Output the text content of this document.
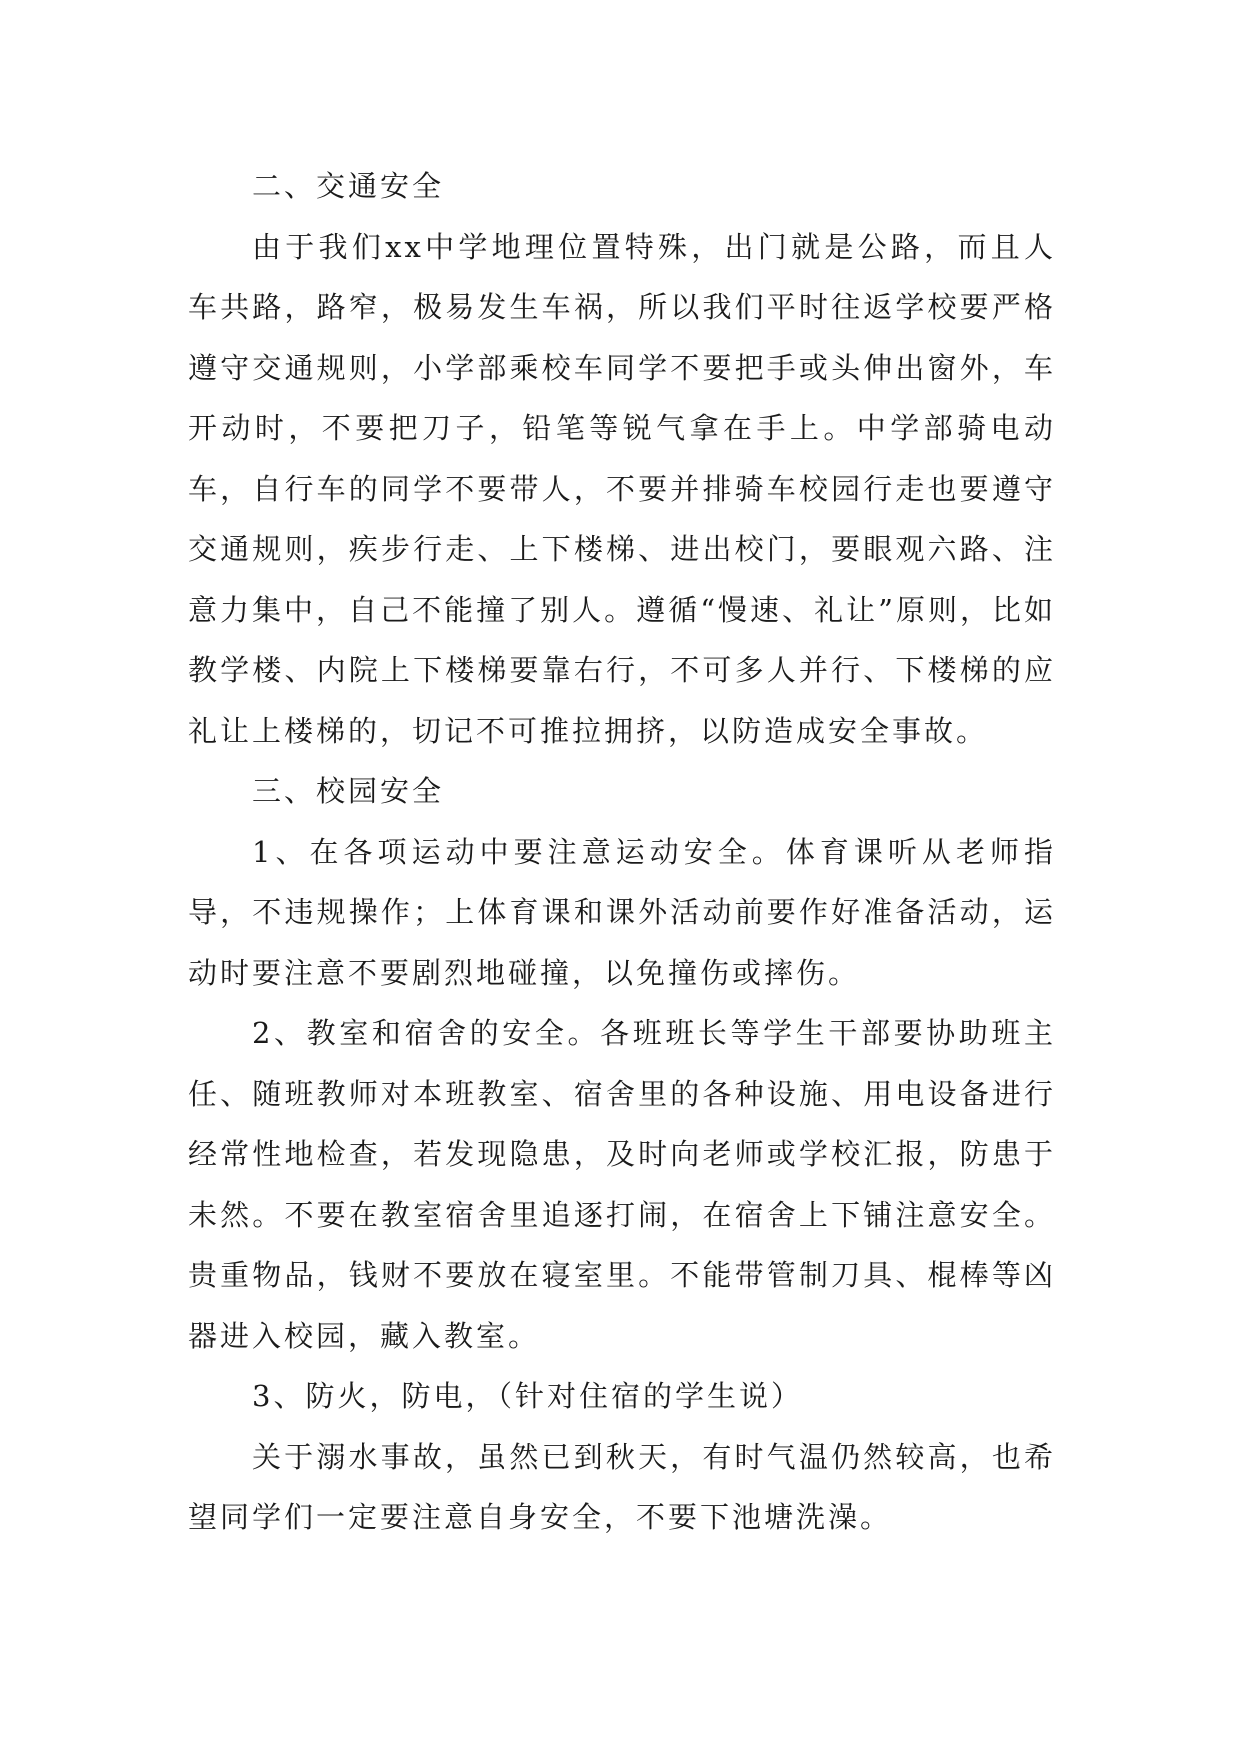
二、交通安全

由于我们xx中学地理位置特殊，出门就是公路，而且人车共路，路窄，极易发生车祸，所以我们平时往返学校要严格遵守交通规则，小学部乘校车同学不要把手或头伸出窗外，车开动时，不要把刀子，铅笔等锐气拿在手上。中学部骑电动车，自行车的同学不要带人，不要并排骑车校园行走也要遵守交通规则，疾步行走、上下楼梯、进出校门，要眼观六路、注意力集中，自己不能撞了别人。遵循“慢速、礼让”原则，比如教学楼、内院上下楼梯要靠右行，不可多人并行、下楼梯的应礼让上楼梯的，切记不可推拉拥挤，以防造成安全事故。

三、校园安全

1、在各项运动中要注意运动安全。体育课听从老师指导，不违规操作；上体育课和课外活动前要作好准备活动，运动时要注意不要剧烈地碰撞，以免撞伤或摔伤。

2、教室和宿舍的安全。各班班长等学生干部要协助班主任、随班教师对本班教室、宿舍里的各种设施、用电设备进行经常性地检查，若发现隐患，及时向老师或学校汇报，防患于未然。不要在教室宿舍里追逐打闹，在宿舍上下铺注意安全。贵重物品，钱财不要放在寝室里。不能带管制刀具、棍棒等凶器进入校园，藏入教室。

3、防火，防电，（针对住宿的学生说）

关于溺水事故，虽然已到秋天，有时气温仍然较高，也希望同学们一定要注意自身安全，不要下池塘洗澡。
